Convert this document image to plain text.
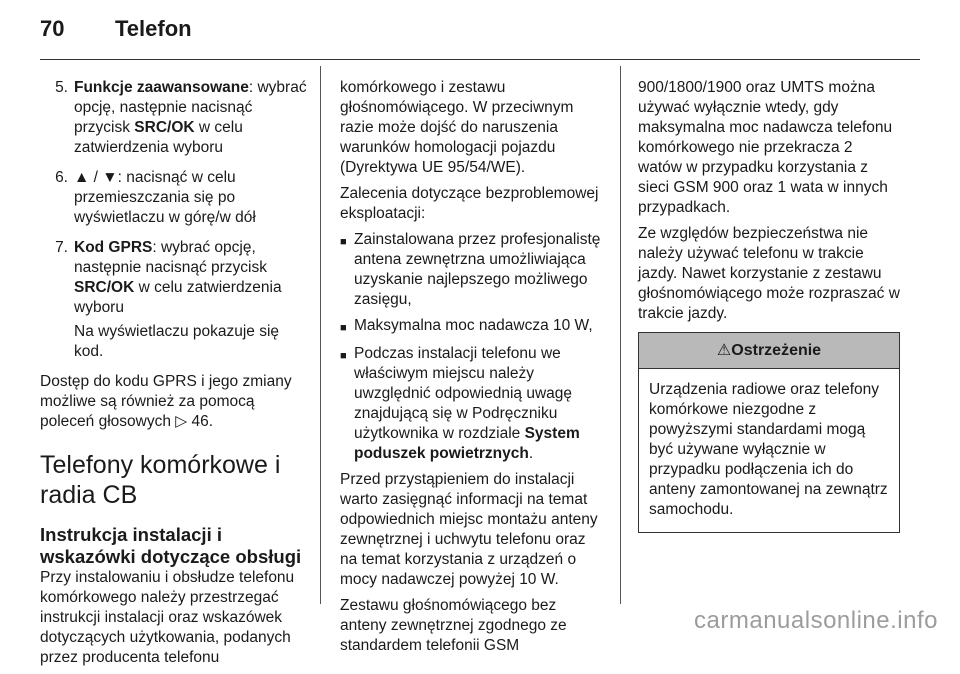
70	Telefon
5. Funkcje zaawansowane: wybrać opcję, następnie nacisnąć przycisk SRC/OK w celu zatwierdzenia wyboru

6. ▲ / ▼: nacisnąć w celu przemieszczania się po wyświetlaczu w górę/w dół

7. Kod GPRS: wybrać opcję, następnie nacisnąć przycisk SRC/OK w celu zatwierdzenia wyboru

Na wyświetlaczu pokazuje się kod.

Dostęp do kodu GPRS i jego zmiany możliwe są również za pomocą poleceń głosowych ▷ 46.

Telefony komórkowe i radia CB
Instrukcja instalacji i wskazówki dotyczące obsługi

Przy instalowaniu i obsłudze telefonu komórkowego należy przestrzegać instrukcji instalacji oraz wskazówek dotyczących użytkowania, podanych przez producenta telefonu

komórkowego i zestawu głośnomówiącego. W przeciwnym razie może dojść do naruszenia warunków homologacji pojazdu (Dyrektywa UE 95/54/WE).

Zalecenia dotyczące bezproblemowej eksploatacji:

■ Zainstalowana przez profesjonalistę antena zewnętrzna umożliwiająca uzyskanie najlepszego możliwego zasięgu,
■ Maksymalna moc nadawcza 10 W,
■ Podczas instalacji telefonu we właściwym miejscu należy uwzględnić odpowiednią uwagę znajdującą się w Podręczniku użytkownika w rozdziale System poduszek powietrznych.

Przed przystąpieniem do instalacji warto zasięgnąć informacji na temat odpowiednich miejsc montażu anteny zewnętrznej i uchwytu telefonu oraz na temat korzystania z urządzeń o mocy nadawczej powyżej 10 W.

Zestawu głośnomówiącego bez anteny zewnętrznej zgodnego ze standardem telefonii GSM

900/1800/1900 oraz UMTS można używać wyłącznie wtedy, gdy maksymalna moc nadawcza telefonu komórkowego nie przekracza 2 watów w przypadku korzystania z sieci GSM 900 oraz 1 wata w innych przypadkach.

Ze względów bezpieczeństwa nie należy używać telefonu w trakcie jazdy. Nawet korzystanie z zestawu głośnomówiącego może rozpraszać w trakcie jazdy.

⚠Ostrzeżenie
Urządzenia radiowe oraz telefony komórkowe niezgodne z powyższymi standardami mogą być używane wyłącznie w przypadku podłączenia ich do anteny zamontowanej na zewnątrz samochodu.
carmanualsonline.info
